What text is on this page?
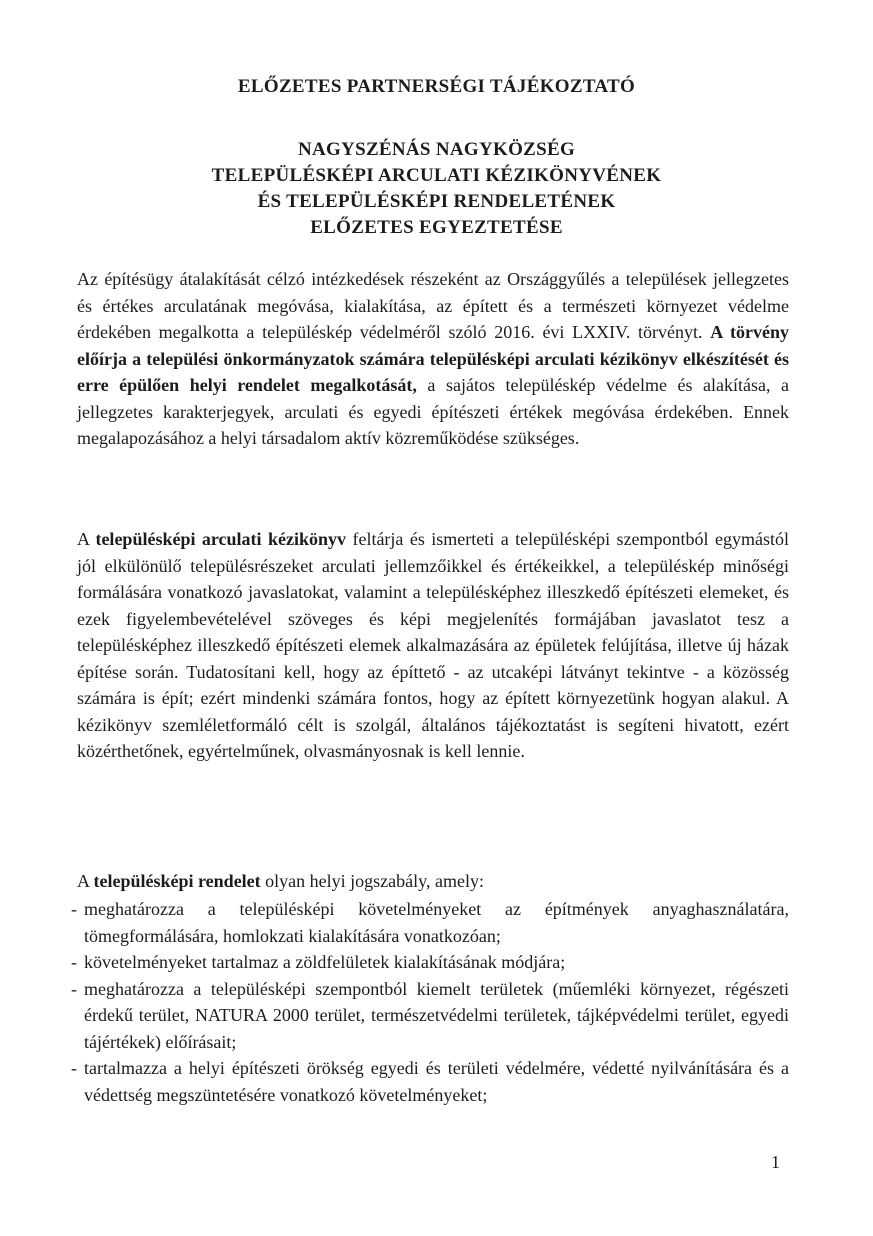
ELŐZETES PARTNERSÉGI TÁJÉKOZTATÓ
NAGYSZÉNÁS NAGYKÖZSÉG
TELEPÜLÉSKÉPI ARCULATI KÉZIKÖNYVÉNEK
ÉS TELEPÜLÉSKÉPI RENDELETÉNEK
ELŐZETES EGYEZTETÉSE
Az építésügy átalakítását célzó intézkedések részeként az Országgyűlés a települések jellegzetes és értékes arculatának megóvása, kialakítása, az épített és a természeti környezet védelme érdekében megalkotta a településkép védelméről szóló 2016. évi LXXIV. törvényt. A törvény előírja a települési önkormányzatok számára településképi arculati kézikönyv elkészítését és erre épülően helyi rendelet megalkotását, a sajátos településkép védelme és alakítása, a jellegzetes karakterjegyek, arculati és egyedi építészeti értékek megóvása érdekében. Ennek megalapozásához a helyi társadalom aktív közreműködése szükséges.
A településképi arculati kézikönyv feltárja és ismerteti a településképi szempontból egymástól jól elkülönülő településrészeket arculati jellemzőikkel és értékeikkel, a településkép minőségi formálására vonatkozó javaslatokat, valamint a településképhez illeszkedő építészeti elemeket, és ezek figyelembevételével szöveges és képi megjelenítés formájában javaslatot tesz a településképhez illeszkedő építészeti elemek alkalmazására az épületek felújítása, illetve új házak építése során. Tudatosítani kell, hogy az építtető - az utcaképi látványt tekintve - a közösség számára is épít; ezért mindenki számára fontos, hogy az épített környezetünk hogyan alakul. A kézikönyv szemléletformáló célt is szolgál, általános tájékoztatást is segíteni hivatott, ezért közérthetőnek, egyértelműnek, olvasmányosnak is kell lennie.
A településképi rendelet olyan helyi jogszabály, amely:
- meghatározza a településképi követelményeket az építmények anyaghasználatára, tömegformálására, homlokzati kialakítására vonatkozóan;
- követelményeket tartalmaz a zöldfelületek kialakításának módjára;
- meghatározza a településképi szempontból kiemelt területek (műemléki környezet, régészeti érdekű terület, NATURA 2000 terület, természetvédelmi területek, tájképvédelmi terület, egyedi tájértékek) előírásait;
- tartalmazza a helyi építészeti örökség egyedi és területi védelmére, védetté nyilvánítására és a védettség megszüntetésére vonatkozó követelményeket;
1
